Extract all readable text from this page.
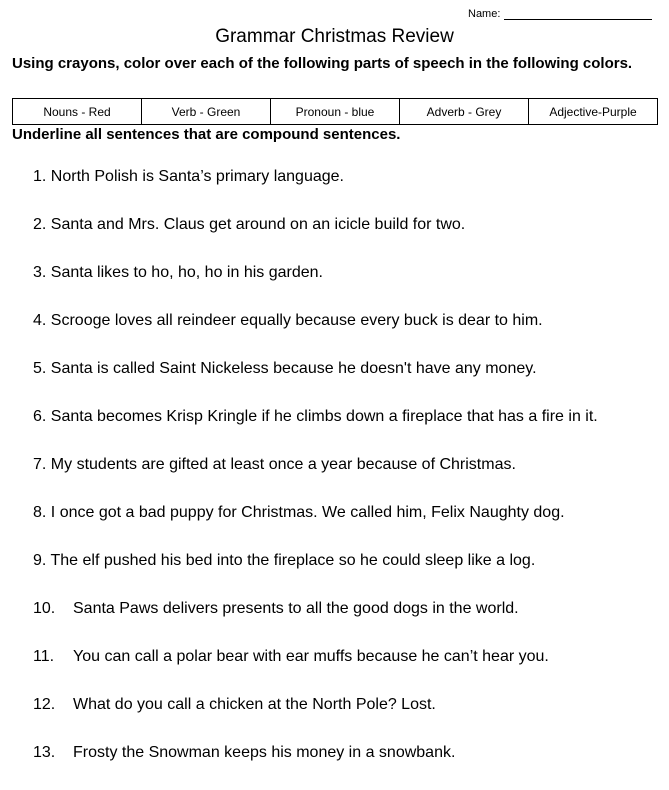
Name:
Grammar Christmas Review
Using crayons, color over each of the following parts of speech in the following colors.
Nouns - Red	Verb - Green	Pronoun - blue	Adverb - Grey	Adjective-Purple
Underline all sentences that are compound sentences.
1. North Polish is Santa’s primary language.
2. Santa and Mrs. Claus get around on an icicle build for two.
3. Santa likes to ho, ho, ho in his garden.
4. Scrooge loves all reindeer equally because every buck is dear to him.
5. Santa is called Saint Nickeless because he doesn't have any money.
6. Santa becomes Krisp Kringle if he climbs down a fireplace that has a fire in it.
7. My students are gifted at least once a year because of Christmas.
8. I once got a bad puppy for Christmas. We called him, Felix Naughty dog.
9. The elf pushed his bed into the fireplace so he could sleep like a log.
10. Santa Paws delivers presents to all the good dogs in the world.
11. You can call a polar bear with ear muffs because he can’t hear you.
12. What do you call a chicken at the North Pole? Lost.
13. Frosty the Snowman keeps his money in a snowbank.
